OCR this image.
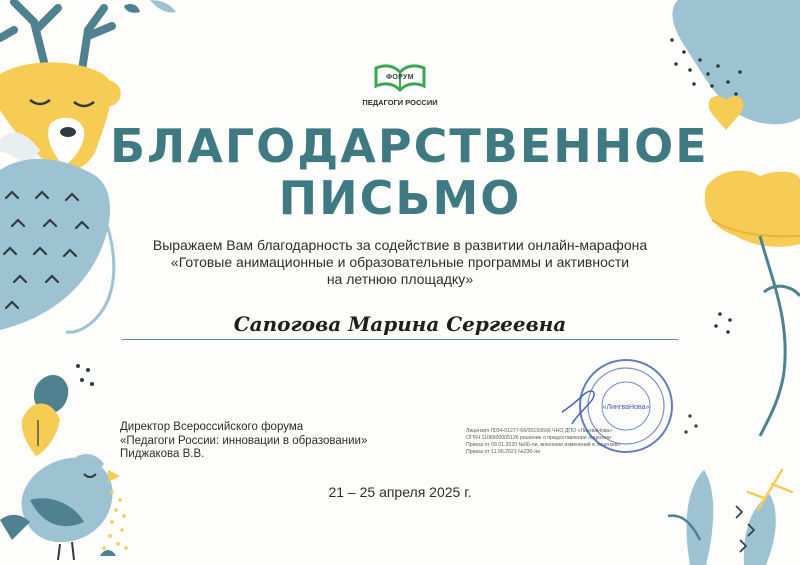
ФОРУМ
ПЕДАГОГИ РОССИИ
БЛАГОДАРСТВЕННОЕ
ПИСЬМО
Выражаем Вам благодарность за содействие в развитии онлайн-марафона
«Готовые анимационные и образовательные программы и активности
на летнюю площадку»
Сапогова Марина Сергеевна
Директор Всероссийского форума
«Педагоги России: инновации в образовании»
Пиджакова В.В.
Лицензия Л034-01277-66/00193666 ЧНО ДПО «ЛингваНова»
ОГРН 1106600005126 решение о предоставлении лицензии
Приказ от 09.01.2020 №06-ли, внесении изменений в лицензию
Приказ от 11.06.2021 №230-ли
«ЛингваНова»
21 – 25 апреля 2025 г.
